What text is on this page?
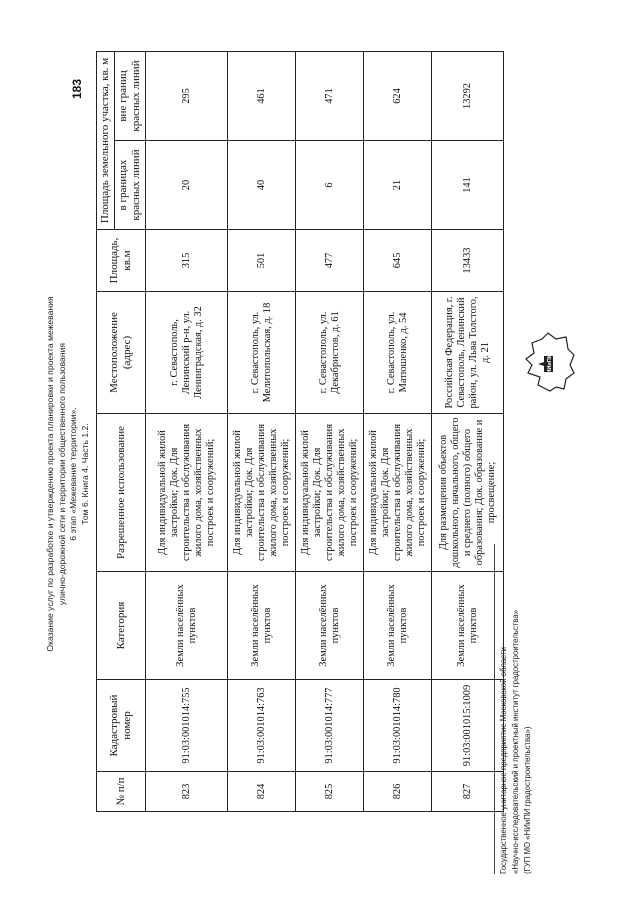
Оказание услуг по разработке и утверждению проекта планировки и проекта межевания улично-дорожной сети и территории общественного пользования 6 этап «Межевание территории». Том 6. Книга 4. Часть 1.2.
183
№ п/п	Кадастровый номер	Категория	Разрешенное использование	Местоположение (адрес)	Площадь, кв.м	Площадь земельного участка, кв. м	
						в границах красных линий	вне границ красных линий
823	91:03:001014:755	Земли населённых пунктов	Для индивидуальной жилой застройки; Док. Для строительства и обслуживания жилого дома, хозяйственных построек и сооружений;	г. Севастополь, Ленинский р-н, ул. Ленинградская, д. 32	315	20	295
824	91:03:001014:763	Земли населённых пунктов	Для индивидуальной жилой застройки; Док. Для строительства и обслуживания жилого дома, хозяйственных построек и сооружений;	г. Севастополь, ул. Мелитопольская, д. 18	501	40	461
825	91:03:001014:777	Земли населённых пунктов	Для индивидуальной жилой застройки; Док. Для строительства и обслуживания жилого дома, хозяйственных построек и сооружений;	г. Севастополь, ул. Декабристов, д. 61	477	6	471
826	91:03:001014:780	Земли населённых пунктов	Для индивидуальной жилой застройки; Док. Для строительства и обслуживания жилого дома, хозяйственных построек и сооружений;	г. Севастополь, ул. Матюшенко, д. 54	645	21	624
827	91:03:001015:1009	Земли населённых пунктов	Для размещения объектов дошкольного, начального, общего и среднего (полного) общего образования; Док. образование и просвещение;	Российская Федерация, г. Севастополь, Ленинский район, ул. Льва Толстого, д. 21	13433	141	13292
Государственное унитарное предприятие Московской области «Научно-исследовательский и проектный институт градостроительства» (ГУП МО «НИиПИ градостроительства»)
НИиПИ
